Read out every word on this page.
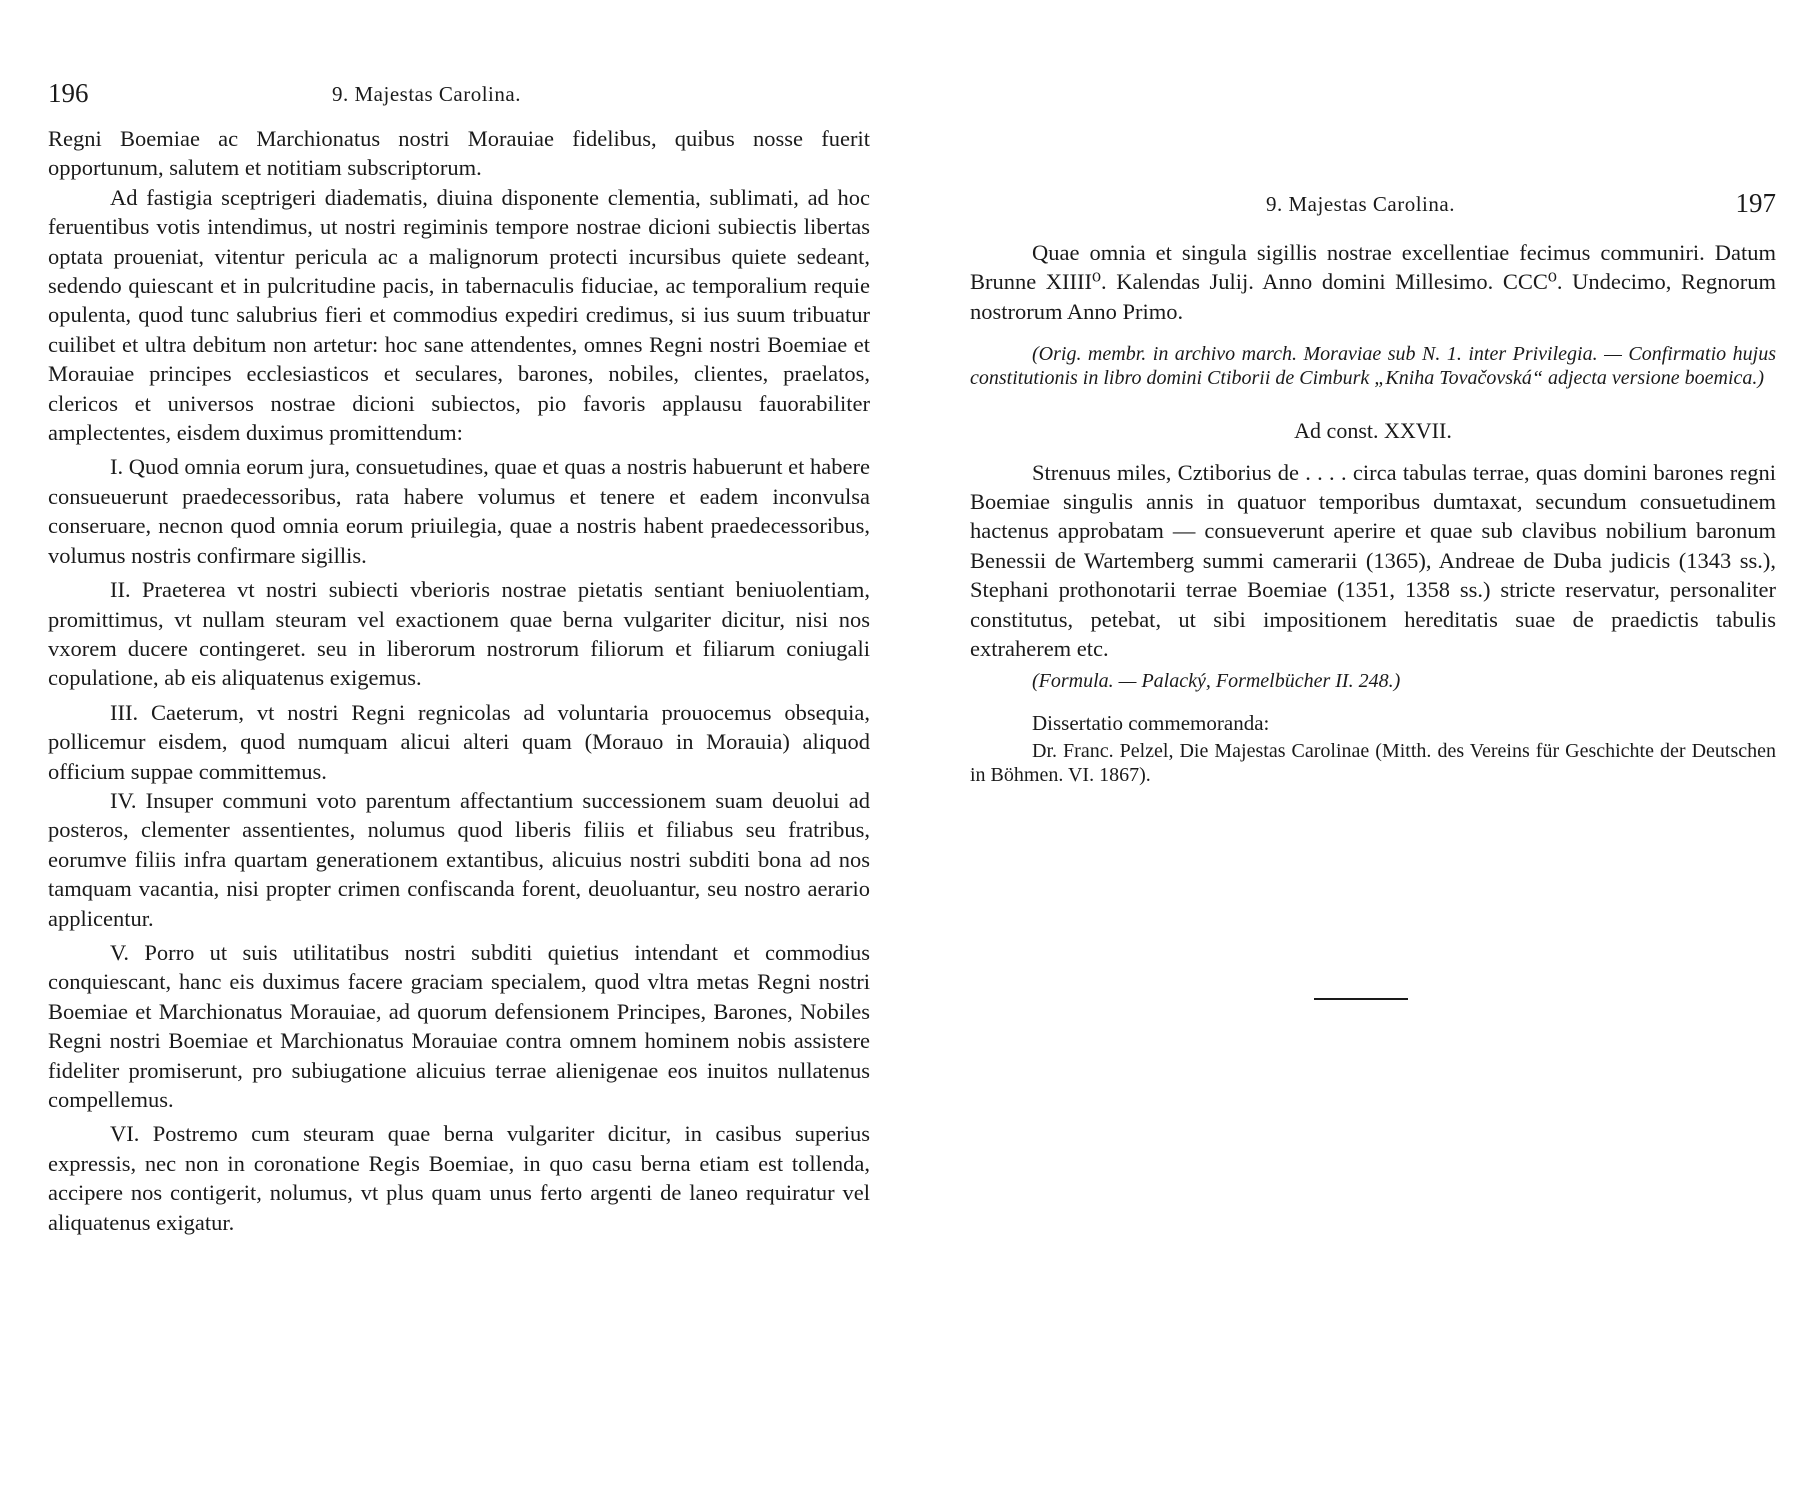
196	9. Majestas Carolina.

Regni Boemiae ac Marchionatus nostri Morauiae fidelibus, quibus nosse fuerit opportunum, salutem et notitiam subscriptorum.

Ad fastigia sceptrigeri diadematis, diuina disponente clementia, sublimati, ad hoc feruentibus votis intendimus, ut nostri regiminis tempore nostrae dicioni subiectis libertas optata proueniat, vitentur pericula ac a malignorum protecti incursibus quiete sedeant, sedendo quiescant et in pulcritudine pacis, in tabernaculis fiduciae, ac temporalium requie opulenta, quod tunc salubrius fieri et commodius expediri credimus, si ius suum tribuatur cuilibet et ultra debitum non artetur: hoc sane attendentes, omnes Regni nostri Boemiae et Morauiae principes ecclesiasticos et seculares, barones, nobiles, clientes, praelatos, clericos et universos nostrae dicioni subiectos, pio favoris applausu fauorabiliter amplectentes, eisdem duximus promittendum:

I. Quod omnia eorum jura, consuetudines, quae et quas a nostris habuerunt et habere consueuerunt praedecessoribus, rata habere volumus et tenere et eadem inconvulsa conseruare, necnon quod omnia eorum priuilegia, quae a nostris habent praedecessoribus, volumus nostris confirmare sigillis.

II. Praeterea vt nostri subiecti vberioris nostrae pietatis sentiant beniuolentiam, promittimus, vt nullam steuram vel exactionem quae berna vulgariter dicitur, nisi nos vxorem ducere contingeret. seu in liberorum nostrorum filiorum et filiarum coniugali copulatione, ab eis aliquatenus exigemus.

III. Caeterum, vt nostri Regni regnicolas ad voluntaria prouocemus obsequia, pollicemur eisdem, quod numquam alicui alteri quam (Morauo in Morauia) aliquod officium suppae committemus.

IV. Insuper communi voto parentum affectantium successionem suam deuolui ad posteros, clementer assentientes, nolumus quod liberis filiis et filiabus seu fratribus, eorumve filiis infra quartam generationem extantibus, alicuius nostri subditi bona ad nos tamquam vacantia, nisi propter crimen confiscanda forent, deuoluantur, seu nostro aerario applicentur.

V. Porro ut suis utilitatibus nostri subditi quietius intendant et commodius conquiescant, hanc eis duximus facere graciam specialem, quod vltra metas Regni nostri Boemiae et Marchionatus Morauiae, ad quorum defensionem Principes, Barones, Nobiles Regni nostri Boemiae et Marchionatus Morauiae contra omnem hominem nobis assistere fideliter promiserunt, pro subiugatione alicuius terrae alienigenae eos inuitos nullatenus compellemus.

VI. Postremo cum steuram quae berna vulgariter dicitur, in casibus superius expressis, nec non in coronatione Regis Boemiae, in quo casu berna etiam est tollenda, accipere nos contigerit, nolumus, vt plus quam unus ferto argenti de laneo requiratur vel aliquatenus exigatur.

9. Majestas Carolina.	197

Quae omnia et singula sigillis nostrae excellentiae fecimus communiri. Datum Brunne XIIII⁰. Kalendas Julij. Anno domini Millesimo. CCC⁰. Undecimo, Regnorum nostrorum Anno Primo.

(Orig. membr. in archivo march. Moraviae sub N. 1. inter Privilegia. — Confirmatio hujus constitutionis in libro domini Ctiborii de Cimburk „Kniha Tovačovská“ adjecta versione boemica.)

Ad const. XXVII.

Strenuus miles, Cztiborius de . . . . circa tabulas terrae, quas domini barones regni Boemiae singulis annis in quatuor temporibus dumtaxat, secundum consuetudinem hactenus approbatam — consueverunt aperire et quae sub clavibus nobilium baronum Benessii de Wartemberg summi camerarii (1365), Andreae de Duba judicis (1343 ss.), Stephani prothonotarii terrae Boemiae (1351, 1358 ss.) stricte reservatur, personaliter constitutus, petebat, ut sibi impositionem hereditatis suae de praedictis tabulis extraherem etc.

(Formula. — Palacký, Formelbücher II. 248.)

Dissertatio commemoranda:

Dr. Franc. Pelzel, Die Majestas Carolinae (Mitth. des Vereins für Geschichte der Deutschen in Böhmen. VI. 1867).
